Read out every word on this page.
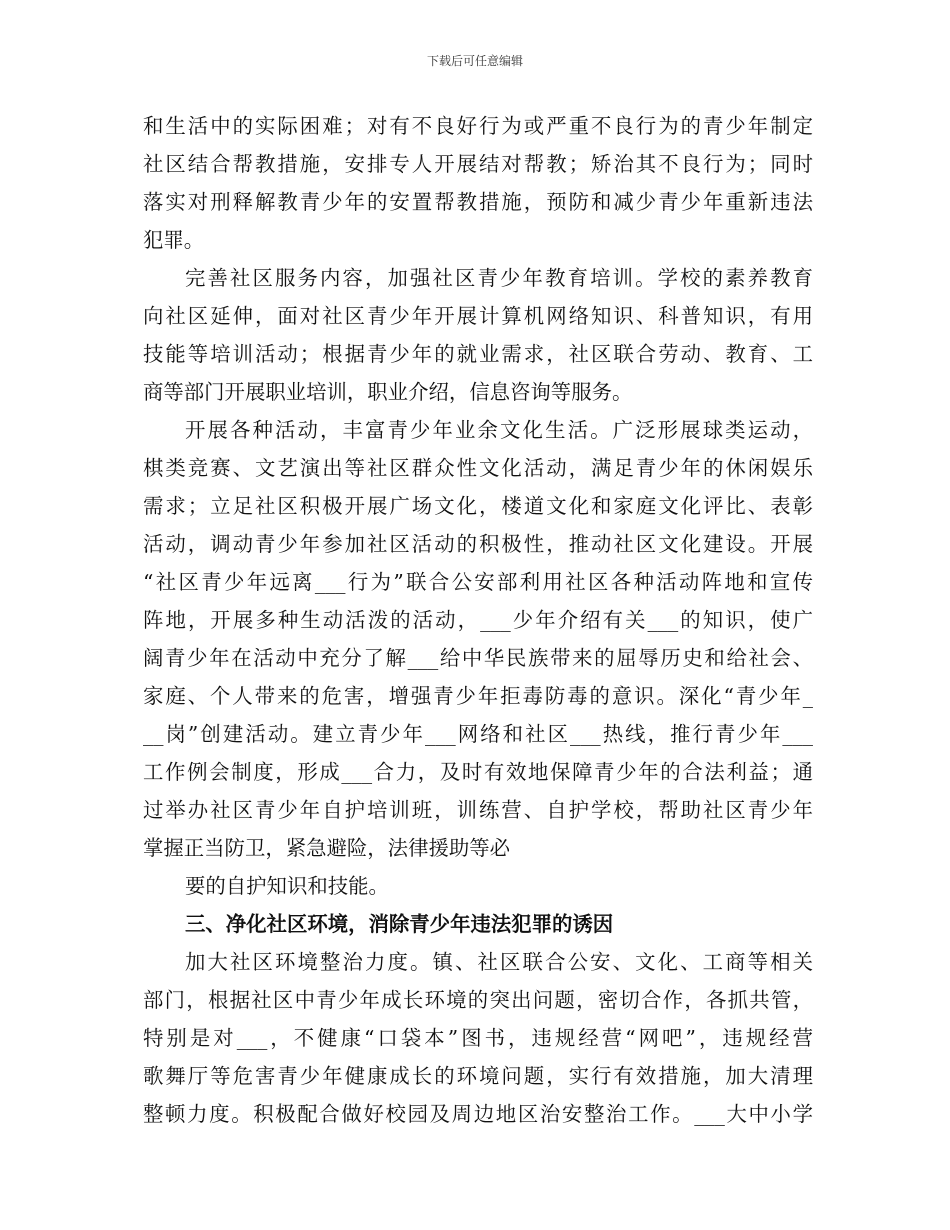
下载后可任意编辑
和生活中的实际困难；对有不良好行为或严重不良行为的青少年制定
社区结合帮教措施，安排专人开展结对帮教；矫治其不良行为；同时
落实对刑释解教青少年的安置帮教措施，预防和减少青少年重新违法
犯罪。
完善社区服务内容，加强社区青少年教育培训。学校的素养教育
向社区延伸，面对社区青少年开展计算机网络知识、科普知识，有用
技能等培训活动；根据青少年的就业需求，社区联合劳动、教育、工
商等部门开展职业培训，职业介绍，信息咨询等服务。
开展各种活动，丰富青少年业余文化生活。广泛形展球类运动，
棋类竞赛、文艺演出等社区群众性文化活动，满足青少年的休闲娱乐
需求；立足社区积极开展广场文化，楼道文化和家庭文化评比、表彰
活动，调动青少年参加社区活动的积极性，推动社区文化建设。开展
“社区青少年远离___行为”联合公安部利用社区各种活动阵地和宣传
阵地，开展多种生动活泼的活动，___少年介绍有关___的知识，使广
阔青少年在活动中充分了解___给中华民族带来的屈辱历史和给社会、
家庭、个人带来的危害，增强青少年拒毒防毒的意识。深化“青少年_
__岗”创建活动。建立青少年___网络和社区___热线，推行青少年___
工作例会制度，形成___合力，及时有效地保障青少年的合法利益；通
过举办社区青少年自护培训班，训练营、自护学校，帮助社区青少年
掌握正当防卫，紧急避险，法律援助等必
要的自护知识和技能。
三、净化社区环境，消除青少年违法犯罪的诱因
加大社区环境整治力度。镇、社区联合公安、文化、工商等相关
部门，根据社区中青少年成长环境的突出问题，密切合作，各抓共管，
特别是对___，不健康“口袋本”图书，违规经营“网吧”，违规经营
歌舞厅等危害青少年健康成长的环境问题，实行有效措施，加大清理
整顿力度。积极配合做好校园及周边地区治安整治工作。___大中小学
